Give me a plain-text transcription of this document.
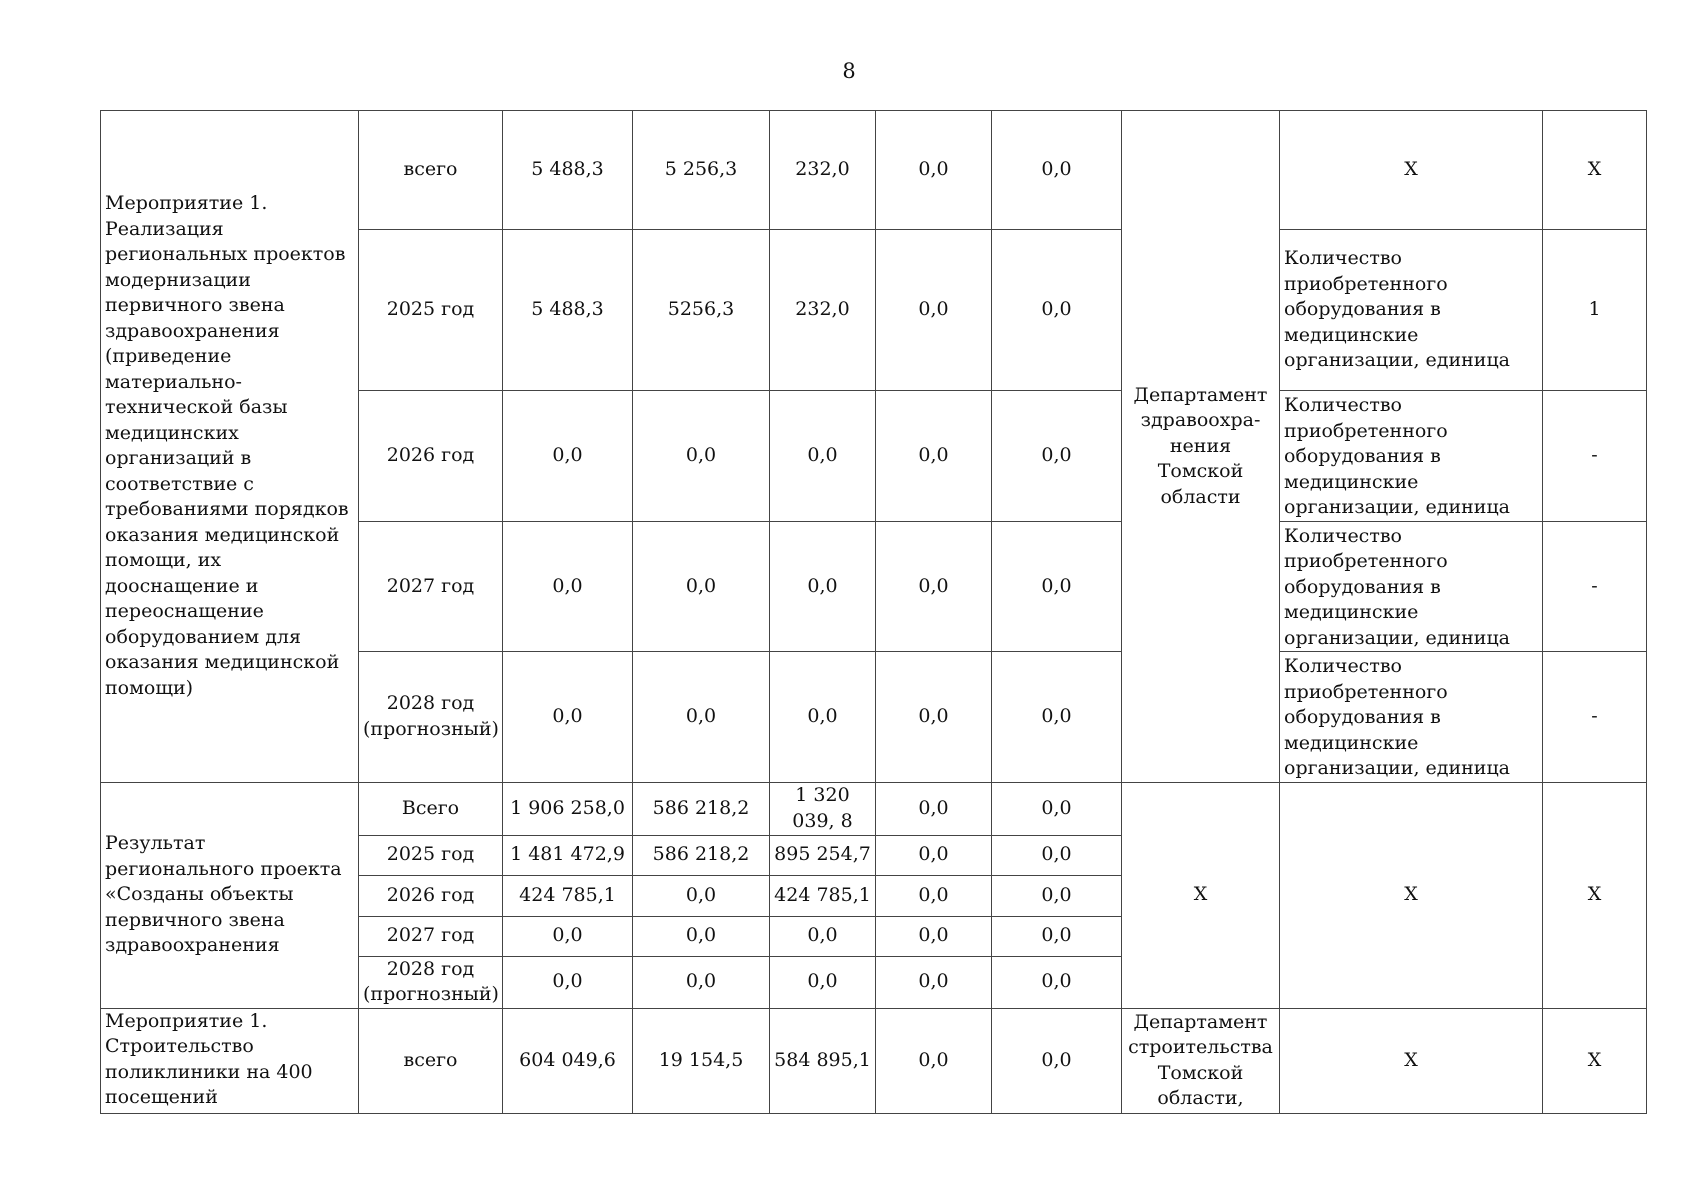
8
Мероприятие 1. Реализация региональных проектов модернизации первичного звена здравоохранения (приведение материально-технической базы медицинских организаций в соответствие с требованиями порядков оказания медицинской помощи, их дооснащение и переоснащение оборудованием для оказания медицинской помощи)	всего	5 488,3	5 256,3	232,0	0,0	0,0	Департамент здравоохра-нения Томской области	X	X
	2025 год	5 488,3	5256,3	232,0	0,0	0,0		Количество приобретенного оборудования в медицинские организации, единица	1
	2026 год	0,0	0,0	0,0	0,0	0,0		Количество приобретенного оборудования в медицинские организации, единица	-
	2027 год	0,0	0,0	0,0	0,0	0,0		Количество приобретенного оборудования в медицинские организации, единица	-
	2028 год (прогнозный)	0,0	0,0	0,0	0,0	0,0		Количество приобретенного оборудования в медицинские организации, единица	-
Результат регионального проекта «Созданы объекты первичного звена здравоохранения	Всего	1 906 258,0	586 218,2	1 320 039, 8	0,0	0,0	X	X	X
	2025 год	1 481 472,9	586 218,2	895 254,7	0,0	0,0			
	2026 год	424 785,1	0,0	424 785,1	0,0	0,0			
	2027 год	0,0	0,0	0,0	0,0	0,0			
	2028 год (прогнозный)	0,0	0,0	0,0	0,0	0,0			
Мероприятие 1. Строительство поликлиники на 400 посещений	всего	604 049,6	19 154,5	584 895,1	0,0	0,0	Департамент строительства Томской области,	X	X
